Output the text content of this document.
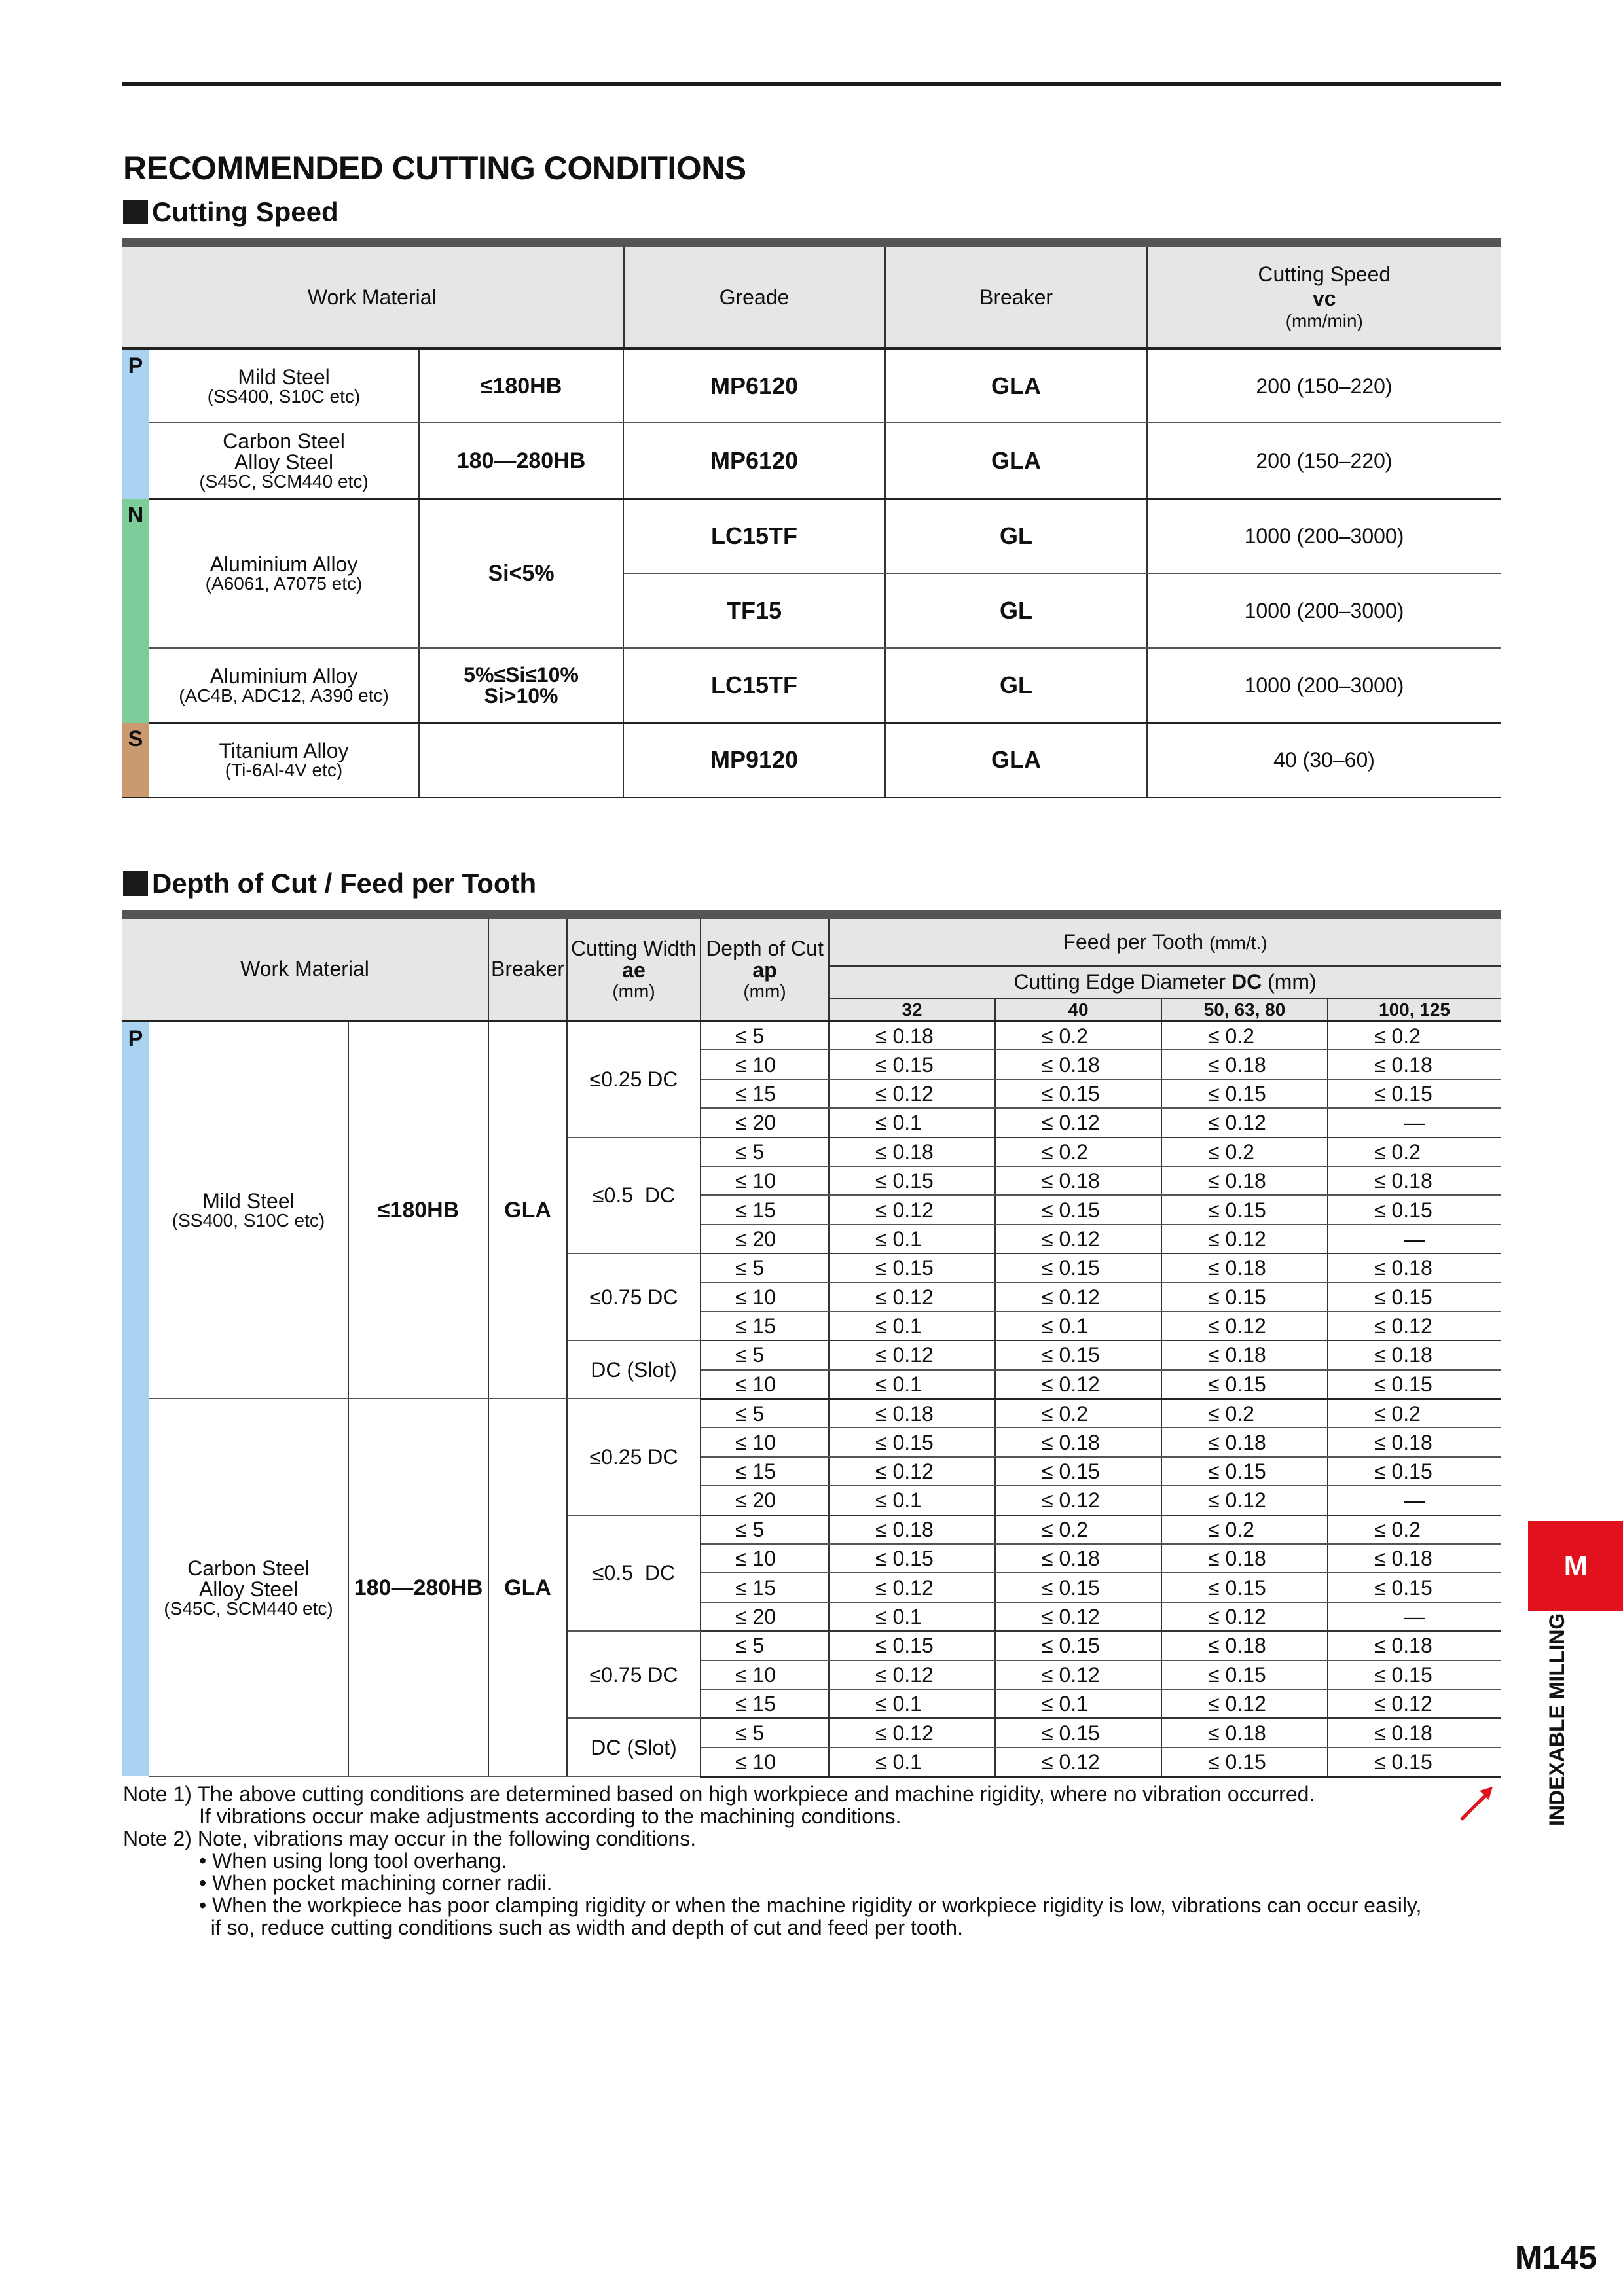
RECOMMENDED CUTTING CONDITIONS
Cutting Speed
Work Material			Greade	Breaker	Cutting Speed
vc
(mm/min)

P	Mild Steel
(SS400, S10C etc)	≤180HB	MP6120	GLA	200 (150–220)

	Carbon Steel
Alloy Steel
(S45C, SCM440 etc)	180—280HB	MP6120	GLA	200 (150–220)
N	Aluminium Alloy
(A6061, A7075 etc)	Si<5%	LC15TF	GL	1000 (200–3000)
			TF15	GL	1000 (200–3000)

	Aluminium Alloy
(AC4B, ADC12, A390 etc)	5%≤Si≤10%
Si>10%	LC15TF	GL	1000 (200–3000)
S	Titanium Alloy
(Ti-6Al-4V etc)		MP9120	GLA	40 (30–60)
Depth of Cut / Feed per Tooth
Work Material			Breaker	Cutting Width
ae
(mm)	Depth of Cut
ap
(mm)	Feed per Tooth (mm/t.)			
						Cutting Edge Diameter DC (mm)			
						32	40	50, 63, 80	100, 125
P	Mild Steel
(SS400, S10C etc)	≤180HB	GLA	≤0.25 DC	≤ 5	≤ 0.18	≤ 0.2	≤ 0.2	≤ 0.2
					≤ 10	≤ 0.15	≤ 0.18	≤ 0.18	≤ 0.18
					≤ 15	≤ 0.12	≤ 0.15	≤ 0.15	≤ 0.15
					≤ 20	≤ 0.1	≤ 0.12	≤ 0.12	—
				≤0.5  DC	≤ 5	≤ 0.18	≤ 0.2	≤ 0.2	≤ 0.2
					≤ 10	≤ 0.15	≤ 0.18	≤ 0.18	≤ 0.18
					≤ 15	≤ 0.12	≤ 0.15	≤ 0.15	≤ 0.15
					≤ 20	≤ 0.1	≤ 0.12	≤ 0.12	—
				≤0.75 DC	≤ 5	≤ 0.15	≤ 0.15	≤ 0.18	≤ 0.18
					≤ 10	≤ 0.12	≤ 0.12	≤ 0.15	≤ 0.15
					≤ 15	≤ 0.1	≤ 0.1	≤ 0.12	≤ 0.12
				DC (Slot)	≤ 5	≤ 0.12	≤ 0.15	≤ 0.18	≤ 0.18
					≤ 10	≤ 0.1	≤ 0.12	≤ 0.15	≤ 0.15

	Carbon Steel
Alloy Steel
(S45C, SCM440 etc)	180—280HB	GLA	≤0.25 DC	≤ 5	≤ 0.18	≤ 0.2	≤ 0.2	≤ 0.2
					≤ 10	≤ 0.15	≤ 0.18	≤ 0.18	≤ 0.18
					≤ 15	≤ 0.12	≤ 0.15	≤ 0.15	≤ 0.15
					≤ 20	≤ 0.1	≤ 0.12	≤ 0.12	—
				≤0.5  DC	≤ 5	≤ 0.18	≤ 0.2	≤ 0.2	≤ 0.2
					≤ 10	≤ 0.15	≤ 0.18	≤ 0.18	≤ 0.18
					≤ 15	≤ 0.12	≤ 0.15	≤ 0.15	≤ 0.15
					≤ 20	≤ 0.1	≤ 0.12	≤ 0.12	—
				≤0.75 DC	≤ 5	≤ 0.15	≤ 0.15	≤ 0.18	≤ 0.18
					≤ 10	≤ 0.12	≤ 0.12	≤ 0.15	≤ 0.15
					≤ 15	≤ 0.1	≤ 0.1	≤ 0.12	≤ 0.12
				DC (Slot)	≤ 5	≤ 0.12	≤ 0.15	≤ 0.18	≤ 0.18
					≤ 10	≤ 0.1	≤ 0.12	≤ 0.15	≤ 0.15
Note 1) The above cutting conditions are determined based on high workpiece and machine rigidity, where no vibration occurred.
If vibrations occur make adjustments according to the machining conditions.
Note 2) Note, vibrations may occur in the following conditions.
• When using long tool overhang.
• When pocket machining corner radii.
• When the workpiece has poor clamping rigidity or when the machine rigidity or workpiece rigidity is low, vibrations can occur easily,
if so, reduce cutting conditions such as width and depth of cut and feed per tooth.
M
INDEXABLE MILLING
M145
